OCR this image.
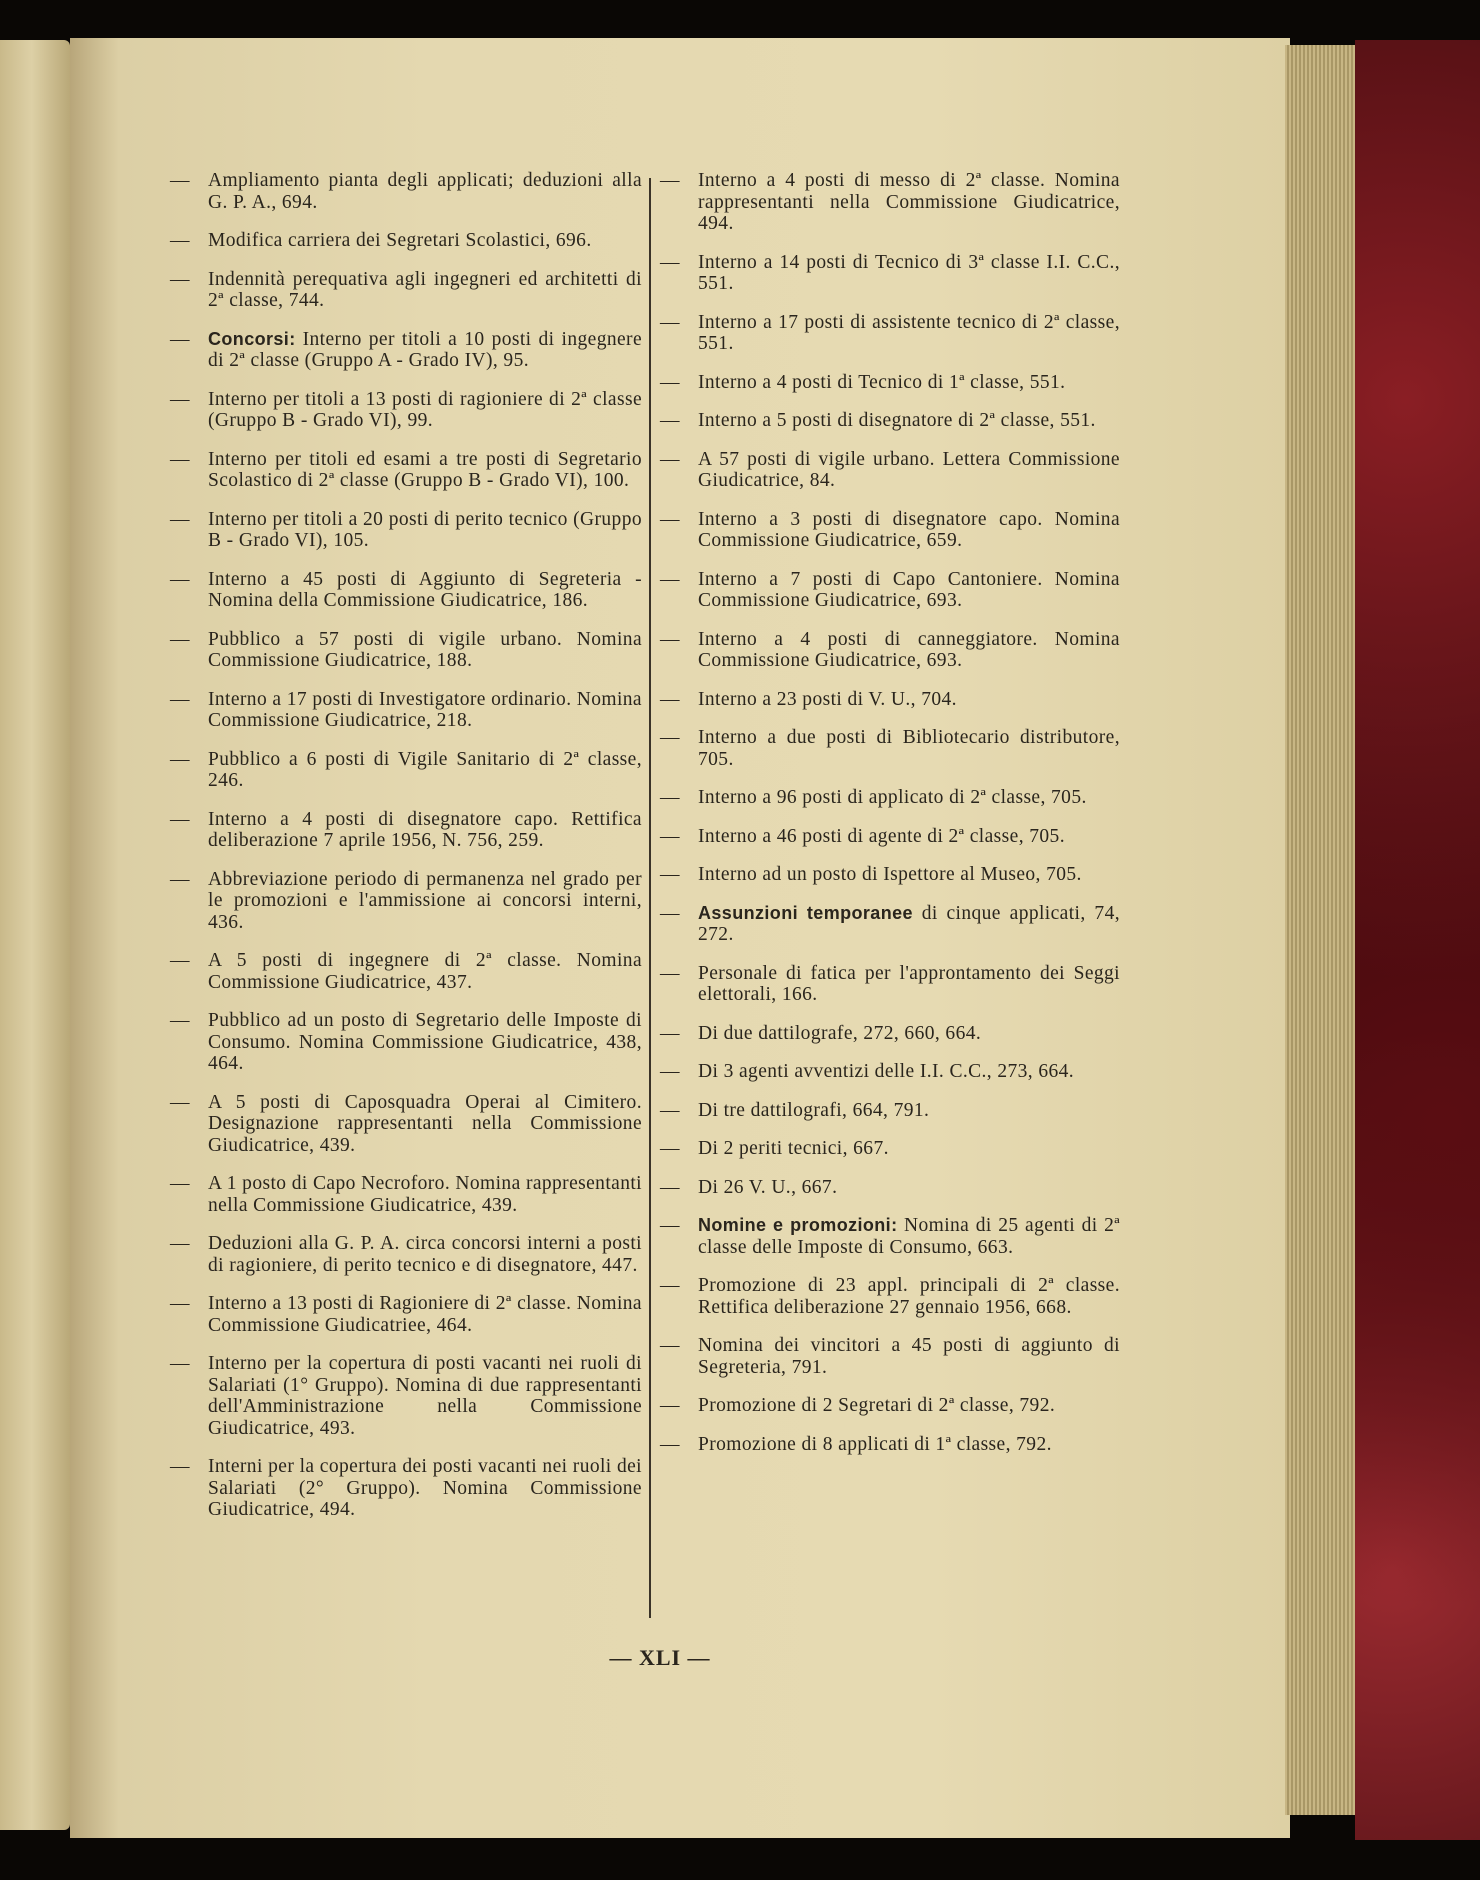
— Ampliamento pianta degli applicati; deduzioni alla G. P. A., 694.
— Modifica carriera dei Segretari Scolastici, 696.
— Indennità perequativa agli ingegneri ed architetti di 2ª classe, 744.
—	Concorsi: Interno per titoli a 10 posti di ingegnere di 2ª classe (Gruppo A - Grado IV), 95.
— Interno per titoli a 13 posti di ragioniere di 2ª classe (Gruppo B - Grado VI), 99.
— Interno per titoli ed esami a tre posti di Segretario Scolastico di 2ª classe (Gruppo B - Grado VI), 100.
— Interno per titoli a 20 posti di perito tecnico (Gruppo B - Grado VI), 105.
— Interno a 45 posti di Aggiunto di Segreteria - Nomina della Commissione Giudicatrice, 186.
— Pubblico a 57 posti di vigile urbano. Nomina Commissione Giudicatrice, 188.
— Interno a 17 posti di Investigatore ordinario. Nomina Commissione Giudicatrice, 218.
— Pubblico a 6 posti di Vigile Sanitario di 2ª classe, 246.
— Interno a 4 posti di disegnatore capo. Rettifica deliberazione 7 aprile 1956, N. 756, 259.
— Abbreviazione periodo di permanenza nel grado per le promozioni e l'ammissione ai concorsi interni, 436.
— A 5 posti di ingegnere di 2ª classe. Nomina Commissione Giudicatrice, 437.
— Pubblico ad un posto di Segretario delle Imposte di Consumo. Nomina Commissione Giudicatrice, 438, 464.
— A 5 posti di Caposquadra Operai al Cimitero. Designazione rappresentanti nella Commissione Giudicatrice, 439.
— A 1 posto di Capo Necroforo. Nomina rappresentanti nella Commissione Giudicatrice, 439.
— Deduzioni alla G. P. A. circa concorsi interni a posti di ragioniere, di perito tecnico e di disegnatore, 447.
— Interno a 13 posti di Ragioniere di 2ª classe. Nomina Commissione Giudicatriee, 464.
— Interno per la copertura di posti vacanti nei ruoli di Salariati (1° Gruppo). Nomina di due rappresentanti dell'Amministrazione nella Commissione Giudicatrice, 493.
— Interni per la copertura dei posti vacanti nei ruoli dei Salariati (2° Gruppo). Nomina Commissione Giudicatrice, 494.
— Interno a 4 posti di messo di 2ª classe. Nomina rappresentanti nella Commissione Giudicatrice, 494.
— Interno a 14 posti di Tecnico di 3ª classe I.I. C.C., 551.
— Interno a 17 posti di assistente tecnico di 2ª classe, 551.
— Interno a 4 posti di Tecnico di 1ª classe, 551.
— Interno a 5 posti di disegnatore di 2ª classe, 551.
— A 57 posti di vigile urbano. Lettera Commissione Giudicatrice, 84.
— Interno a 3 posti di disegnatore capo. Nomina Commissione Giudicatrice, 659.
— Interno a 7 posti di Capo Cantoniere. Nomina Commissione Giudicatrice, 693.
— Interno a 4 posti di canneggiatore. Nomina Commissione Giudicatrice, 693.
— Interno a 23 posti di V. U., 704.
— Interno a due posti di Bibliotecario distributore, 705.
— Interno a 96 posti di applicato di 2ª classe, 705.
— Interno a 46 posti di agente di 2ª classe, 705.
— Interno ad un posto di Ispettore al Museo, 705.
—	Assunzioni temporanee di cinque applicati, 74, 272.
— Personale di fatica per l'approntamento dei Seggi elettorali, 166.
— Di due dattilografe, 272, 660, 664.
— Di 3 agenti avventizi delle I.I. C.C., 273, 664.
— Di tre dattilografi, 664, 791.
— Di 2 periti tecnici, 667.
— Di 26 V. U., 667.
—	Nomine e promozioni: Nomina di 25 agenti di 2ª classe delle Imposte di Consumo, 663.
— Promozione di 23 appl. principali di 2ª classe. Rettifica deliberazione 27 gennaio 1956, 668.
— Nomina dei vincitori a 45 posti di aggiunto di Segreteria, 791.
— Promozione di 2 Segretari di 2ª classe, 792.
— Promozione di 8 applicati di 1ª classe, 792.
— XLI —
